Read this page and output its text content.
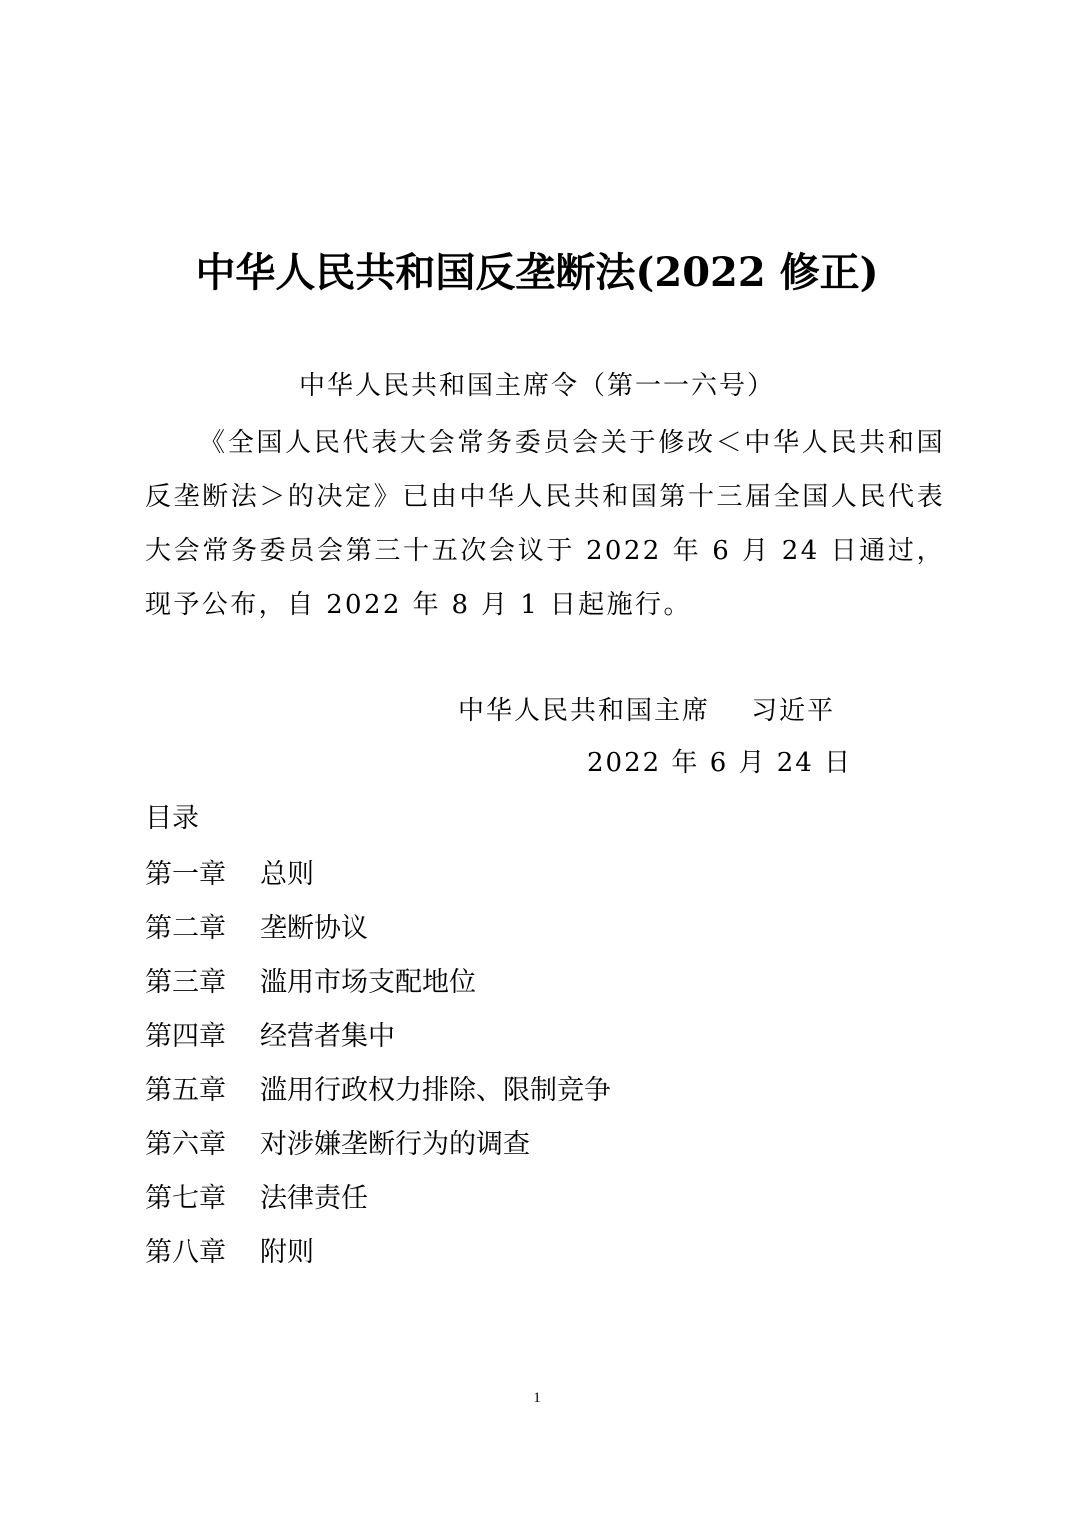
中华人民共和国反垄断法(2022 修正)
中华人民共和国主席令（第一一六号）

《全国人民代表大会常务委员会关于修改＜中华人民共和国反垄断法＞的决定》已由中华人民共和国第十三届全国人民代表大会常务委员会第三十五次会议于 2022 年 6 月 24 日通过，现予公布，自 2022 年 8 月 1 日起施行。

中华人民共和国主席 习近平
2022 年 6 月 24 日
目录
第一章 总则
第二章 垄断协议
第三章 滥用市场支配地位
第四章 经营者集中
第五章 滥用行政权力排除、限制竞争
第六章 对涉嫌垄断行为的调查
第七章 法律责任
第八章 附则
1
